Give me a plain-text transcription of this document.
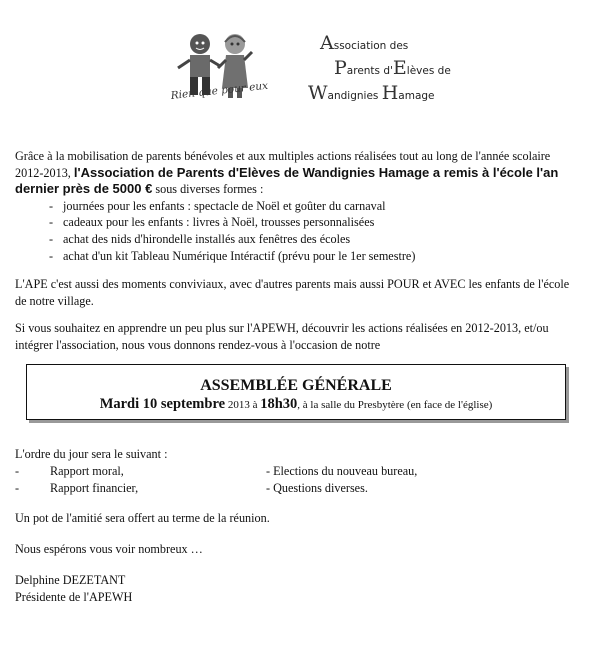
Rien que pour eux
Association des
Parents d'Elèves de
Wandignies Hamage
Grâce à la mobilisation de parents bénévoles et aux multiples actions réalisées tout au long de l'année scolaire 2012-2013, l'Association de Parents d'Elèves de Wandignies Hamage a remis à l'école l'an dernier près de 5000 € sous diverses formes :
- journées pour les enfants : spectacle de Noël et goûter du carnaval
- cadeaux pour les enfants : livres à Noël, trousses personnalisées
- achat des nids d'hirondelle installés aux fenêtres des écoles
- achat d'un kit Tableau Numérique Intéractif (prévu pour le 1er semestre)
L'APE c'est aussi des moments conviviaux, avec d'autres parents mais aussi POUR et AVEC les enfants de l'école de notre village.
Si vous souhaitez en apprendre un peu plus sur l'APEWH, découvrir les actions réalisées en 2012-2013, et/ou intégrer l'association, nous vous donnons rendez-vous à l'occasion de notre
ASSEMBLÉE GÉNÉRALE
Mardi 10 septembre 2013 à 18h30, à la salle du Presbytère (en face de l'église)
L'ordre du jour sera le suivant :
-	Rapport moral,	- Elections du nouveau bureau,
-	Rapport financier,	- Questions diverses.
Un pot de l'amitié sera offert au terme de la réunion.
Nous espérons vous voir nombreux …
Delphine DEZETANT
Présidente de l'APEWH
